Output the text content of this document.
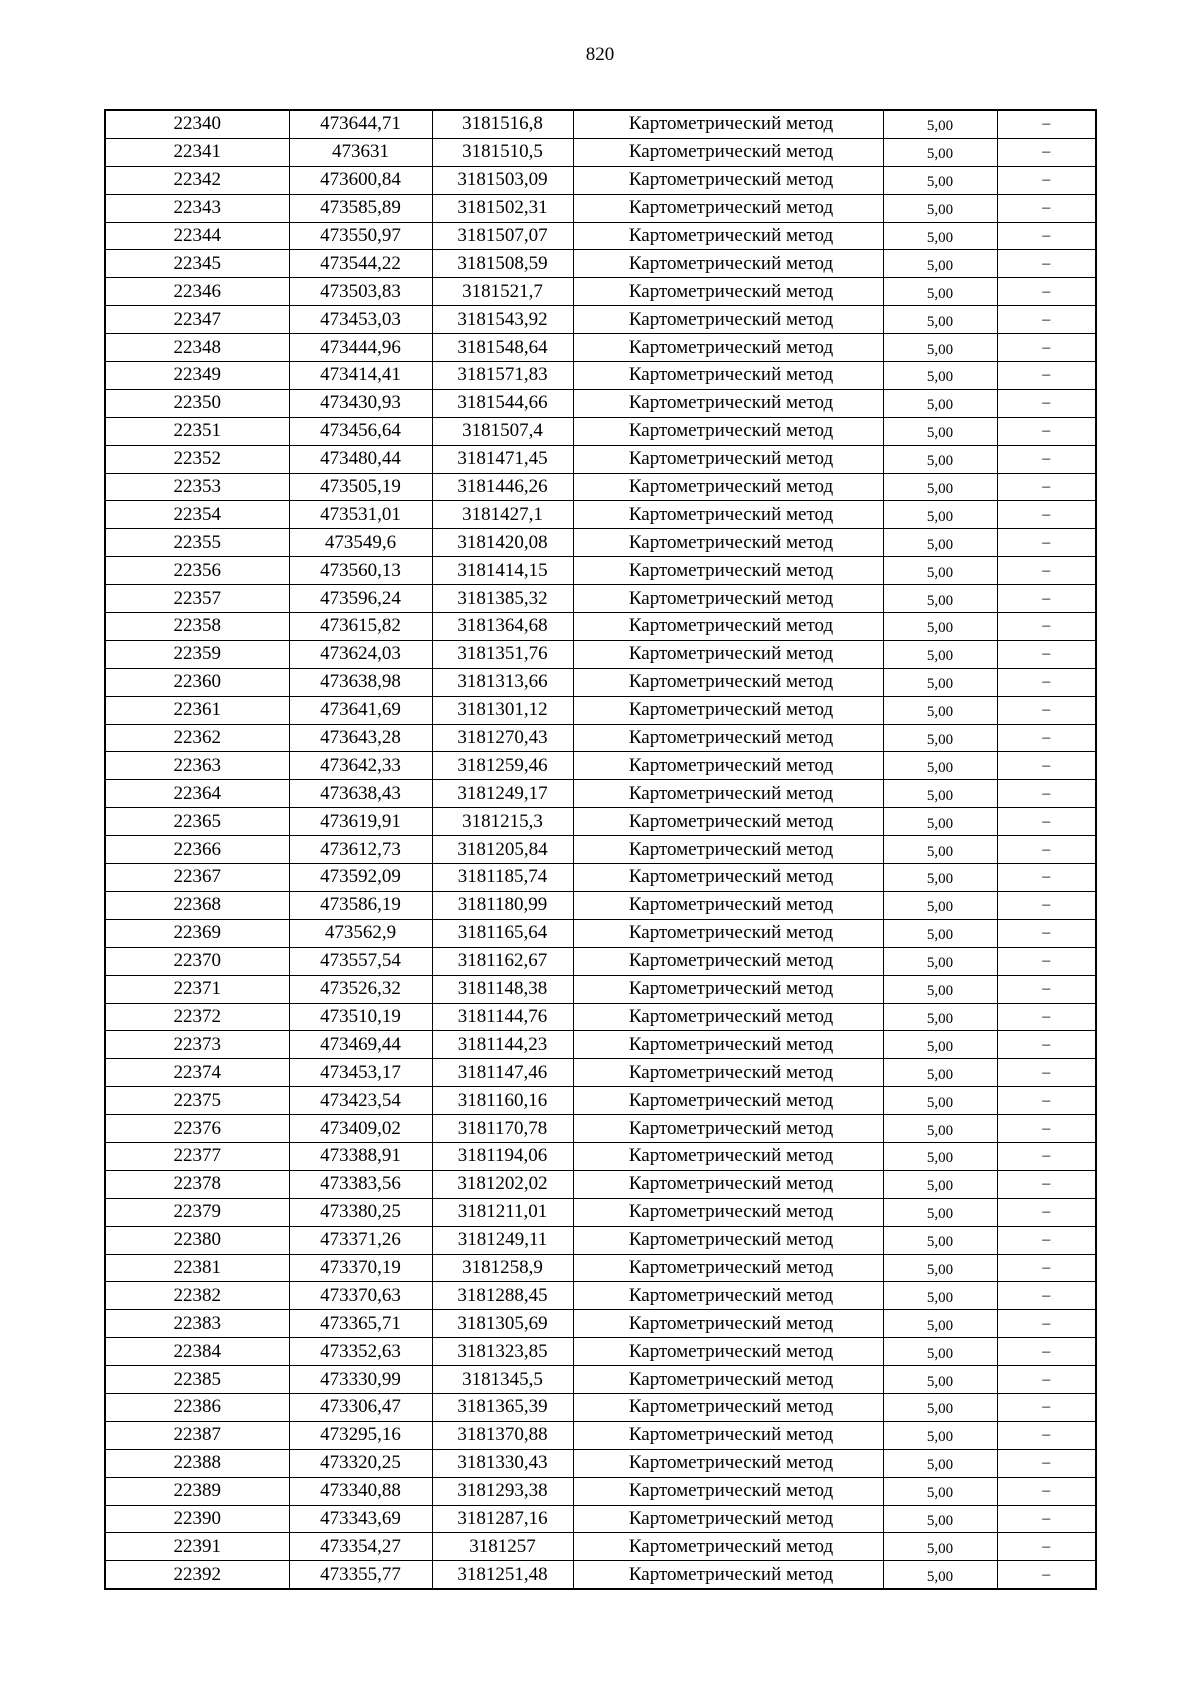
820
22340	473644,71	3181516,8	Картометрический метод	5,00	–
22341	473631	3181510,5	Картометрический метод	5,00	–
22342	473600,84	3181503,09	Картометрический метод	5,00	–
22343	473585,89	3181502,31	Картометрический метод	5,00	–
22344	473550,97	3181507,07	Картометрический метод	5,00	–
22345	473544,22	3181508,59	Картометрический метод	5,00	–
22346	473503,83	3181521,7	Картометрический метод	5,00	–
22347	473453,03	3181543,92	Картометрический метод	5,00	–
22348	473444,96	3181548,64	Картометрический метод	5,00	–
22349	473414,41	3181571,83	Картометрический метод	5,00	–
22350	473430,93	3181544,66	Картометрический метод	5,00	–
22351	473456,64	3181507,4	Картометрический метод	5,00	–
22352	473480,44	3181471,45	Картометрический метод	5,00	–
22353	473505,19	3181446,26	Картометрический метод	5,00	–
22354	473531,01	3181427,1	Картометрический метод	5,00	–
22355	473549,6	3181420,08	Картометрический метод	5,00	–
22356	473560,13	3181414,15	Картометрический метод	5,00	–
22357	473596,24	3181385,32	Картометрический метод	5,00	–
22358	473615,82	3181364,68	Картометрический метод	5,00	–
22359	473624,03	3181351,76	Картометрический метод	5,00	–
22360	473638,98	3181313,66	Картометрический метод	5,00	–
22361	473641,69	3181301,12	Картометрический метод	5,00	–
22362	473643,28	3181270,43	Картометрический метод	5,00	–
22363	473642,33	3181259,46	Картометрический метод	5,00	–
22364	473638,43	3181249,17	Картометрический метод	5,00	–
22365	473619,91	3181215,3	Картометрический метод	5,00	–
22366	473612,73	3181205,84	Картометрический метод	5,00	–
22367	473592,09	3181185,74	Картометрический метод	5,00	–
22368	473586,19	3181180,99	Картометрический метод	5,00	–
22369	473562,9	3181165,64	Картометрический метод	5,00	–
22370	473557,54	3181162,67	Картометрический метод	5,00	–
22371	473526,32	3181148,38	Картометрический метод	5,00	–
22372	473510,19	3181144,76	Картометрический метод	5,00	–
22373	473469,44	3181144,23	Картометрический метод	5,00	–
22374	473453,17	3181147,46	Картометрический метод	5,00	–
22375	473423,54	3181160,16	Картометрический метод	5,00	–
22376	473409,02	3181170,78	Картометрический метод	5,00	–
22377	473388,91	3181194,06	Картометрический метод	5,00	–
22378	473383,56	3181202,02	Картометрический метод	5,00	–
22379	473380,25	3181211,01	Картометрический метод	5,00	–
22380	473371,26	3181249,11	Картометрический метод	5,00	–
22381	473370,19	3181258,9	Картометрический метод	5,00	–
22382	473370,63	3181288,45	Картометрический метод	5,00	–
22383	473365,71	3181305,69	Картометрический метод	5,00	–
22384	473352,63	3181323,85	Картометрический метод	5,00	–
22385	473330,99	3181345,5	Картометрический метод	5,00	–
22386	473306,47	3181365,39	Картометрический метод	5,00	–
22387	473295,16	3181370,88	Картометрический метод	5,00	–
22388	473320,25	3181330,43	Картометрический метод	5,00	–
22389	473340,88	3181293,38	Картометрический метод	5,00	–
22390	473343,69	3181287,16	Картометрический метод	5,00	–
22391	473354,27	3181257	Картометрический метод	5,00	–
22392	473355,77	3181251,48	Картометрический метод	5,00	–
